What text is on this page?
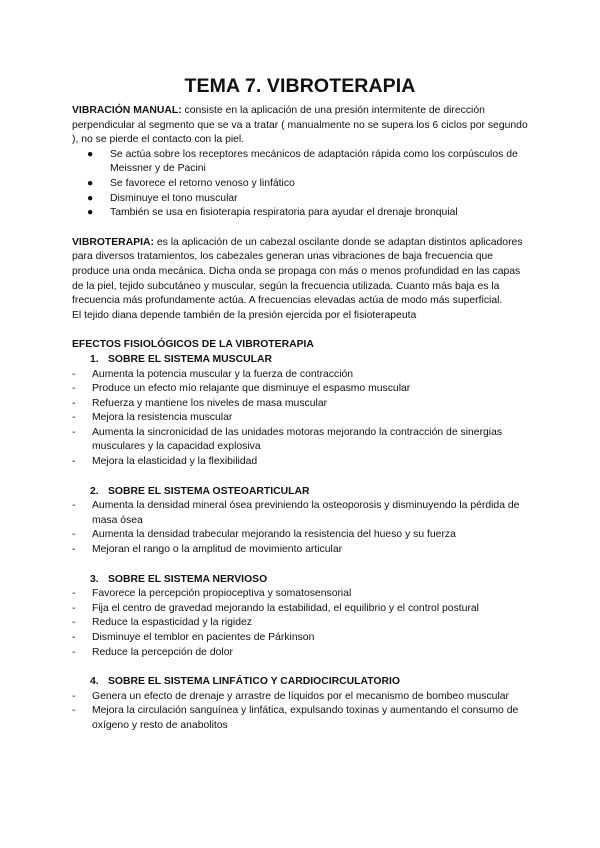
TEMA 7. VIBROTERAPIA

VIBRACIÓN MANUAL: consiste en la aplicación de una presión intermitente de dirección perpendicular al segmento que se va a tratar ( manualmente no se supera los 6 ciclos por segundo ), no se pierde el contacto con la piel.

● Se actúa sobre los receptores mecánicos de adaptación rápida como los corpúsculos de Meissner y de Pacini
● Se favorece el retorno venoso y linfático
● Disminuye el tono muscular
● También se usa en fisioterapia respiratoria para ayudar el drenaje bronquial

VIBROTERAPIA: es la aplicación de un cabezal oscilante donde se adaptan distintos aplicadores para diversos tratamientos, los cabezales generan unas vibraciones de baja frecuencia que produce una onda mecánica. Dicha onda se propaga con más o menos profundidad en las capas de la piel, tejido subcutáneo y muscular, según la frecuencia utilizada. Cuanto más baja es la frecuencia más profundamente actúa. A frecuencias elevadas actúa de modo más superficial.

El tejido diana depende también de la presión ejercida por el fisioterapeuta

EFECTOS FISIOLÓGICOS DE LA VIBROTERAPIA

1. SOBRE EL SISTEMA MUSCULAR
- Aumenta la potencia muscular y la fuerza de contracción
- Produce un efecto mío relajante que disminuye el espasmo muscular
- Refuerza y mantiene los niveles de masa muscular
- Mejora la resistencia muscular
- Aumenta la sincronicidad de las unidades motoras mejorando la contracción de sinergias musculares y la capacidad explosiva
- Mejora la elasticidad y la flexibilidad
2. SOBRE EL SISTEMA OSTEOARTICULAR
- Aumenta la densidad mineral ósea previniendo la osteoporosis y disminuyendo la pérdida de masa ósea
- Aumenta la densidad trabecular mejorando la resistencia del hueso y su fuerza
- Mejoran el rango o la amplitud de movimiento articular
3. SOBRE EL SISTEMA NERVIOSO
- Favorece la percepción propioceptiva y somatosensorial
- Fija el centro de gravedad mejorando la estabilidad, el equilibrio y el control postural
- Reduce la espasticidad y la rigidez
- Disminuye el temblor en pacientes de Párkinson
- Reduce la percepción de dolor
4. SOBRE EL SISTEMA LINFÁTICO Y CARDIOCIRCULATORIO
- Genera un efecto de drenaje y arrastre de líquidos por el mecanismo de bombeo muscular
- Mejora la circulación sanguínea y linfática, expulsando toxinas y aumentando el consumo de oxígeno y resto de anabolitos
